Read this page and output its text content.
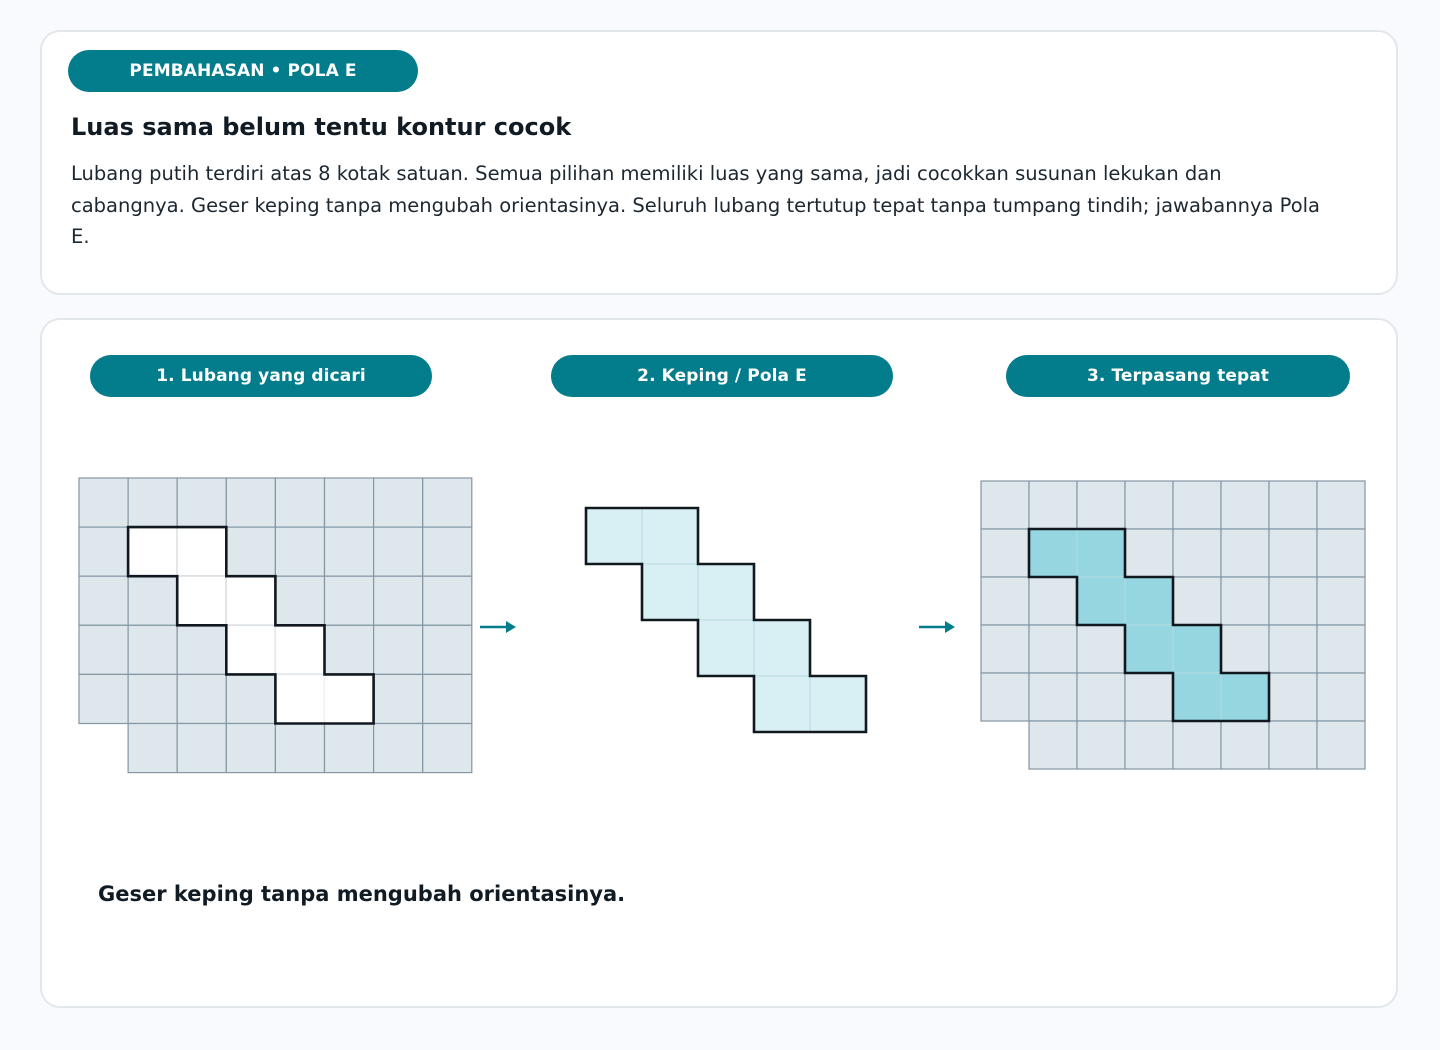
PEMBAHASAN • POLA E
Luas sama belum tentu kontur cocok

Lubang putih terdiri atas 8 kotak satuan. Semua pilihan memiliki luas yang sama, jadi cocokkan susunan lekukan dan cabangnya. Geser keping tanpa mengubah orientasinya. Seluruh lubang tertutup tepat tanpa tumpang tindih; jawabannya Pola E.

1. Lubang yang dicari	2. Keping / Pola E	3. Terpasang tepat

Geser keping tanpa mengubah orientasinya.
